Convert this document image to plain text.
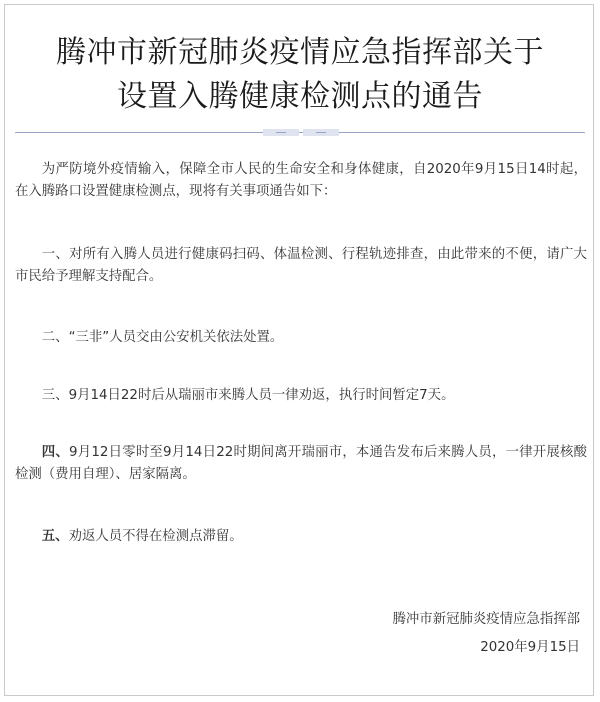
腾冲市新冠肺炎疫情应急指挥部关于
设置入腾健康检测点的通告

为严防境外疫情输入，保障全市人民的生命安全和身体健康，自2020年9月15日14时起，在入腾路口设置健康检测点，现将有关事项通告如下：

一、对所有入腾人员进行健康码扫码、体温检测、行程轨迹排查，由此带来的不便，请广大市民给予理解支持配合。

二、“三非”人员交由公安机关依法处置。

三、9月14日22时后从瑞丽市来腾人员一律劝返，执行时间暂定7天。

四、9月12日零时至9月14日22时期间离开瑞丽市，本通告发布后来腾人员，一律开展核酸检测（费用自理）、居家隔离。

五、劝返人员不得在检测点滞留。

腾冲市新冠肺炎疫情应急指挥部
2020年9月15日
